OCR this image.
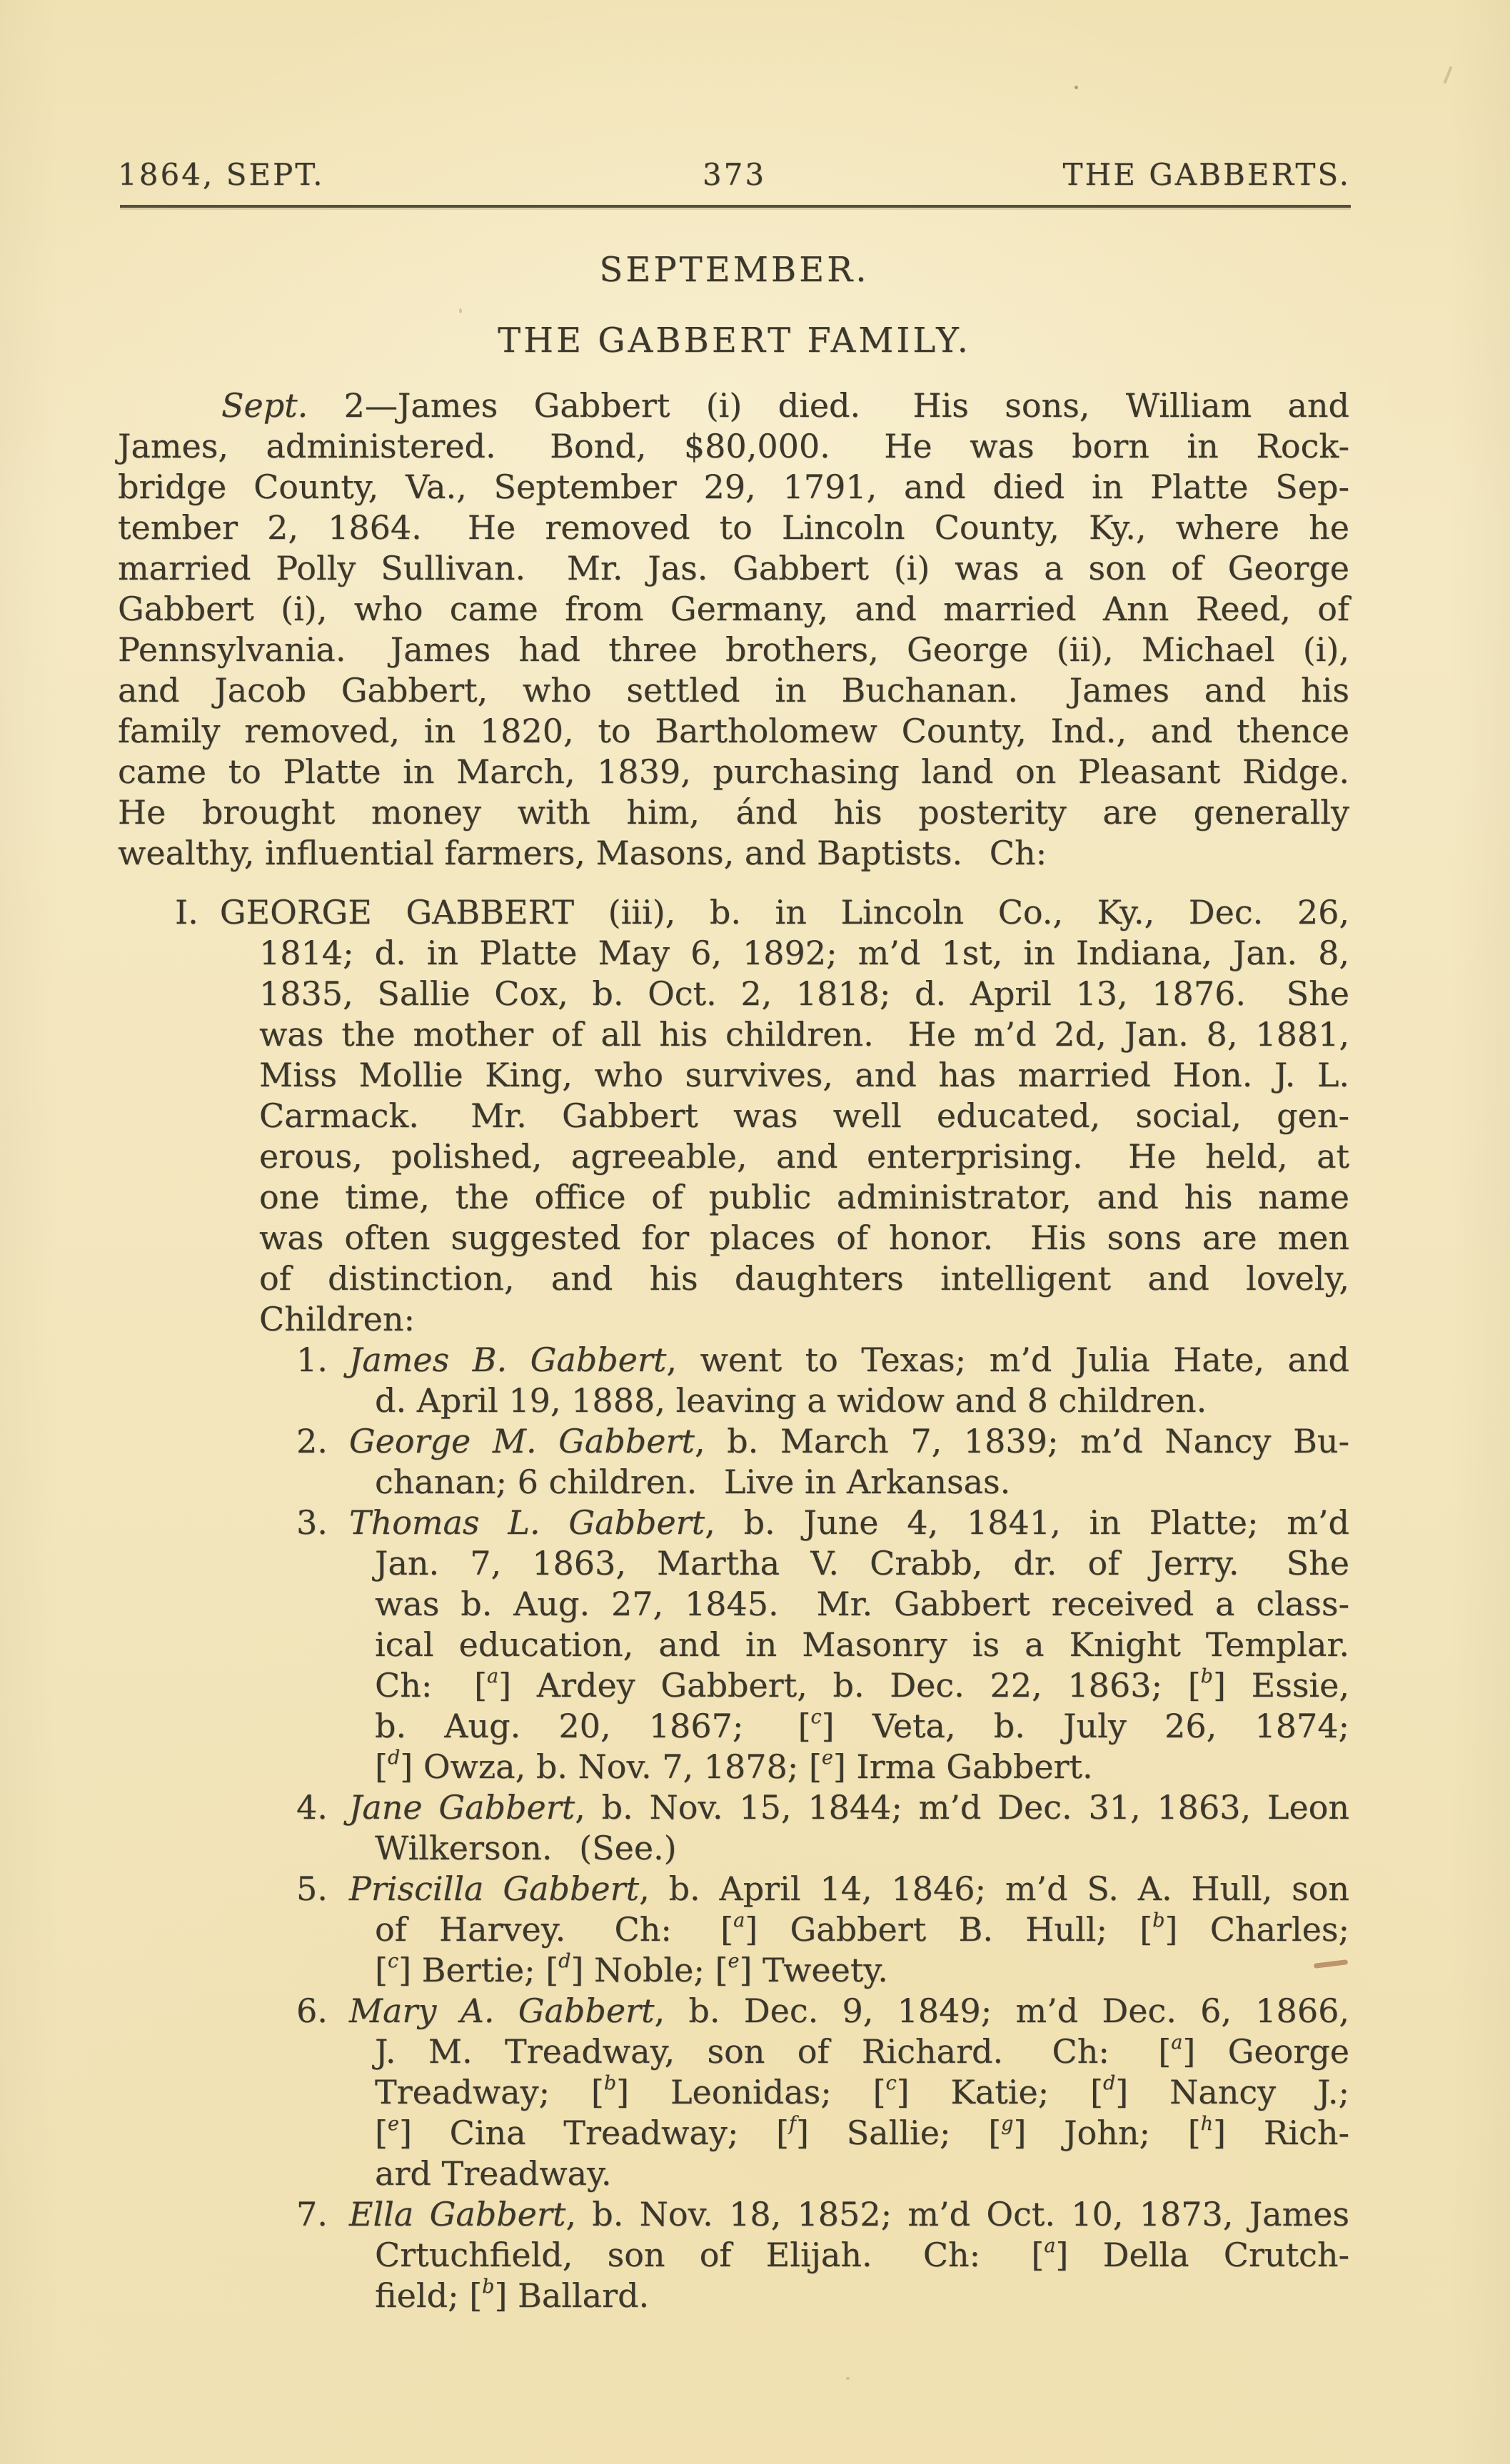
1864, SEPT.	373	THE GABBERTS.
SEPTEMBER.
THE GABBERT FAMILY.
Sept. 2—James Gabbert (i) died.  His sons, William and
James, administered.  Bond, $80,000.  He was born in Rock-
bridge County, Va., September 29, 1791, and died in Platte Sep-
tember 2, 1864.  He removed to Lincoln County, Ky., where he
married Polly Sullivan.  Mr. Jas. Gabbert (i) was a son of George
Gabbert (i), who came from Germany, and married Ann Reed, of
Pennsylvania.  James had three brothers, George (ii), Michael (i),
and Jacob Gabbert, who settled in Buchanan.  James and his
family removed, in 1820, to Bartholomew County, Ind., and thence
came to Platte in March, 1839, purchasing land on Pleasant Ridge.
He brought money with him, ánd his posterity are generally
wealthy, influential farmers, Masons, and Baptists.  Ch:
I. GEORGE GABBERT (iii), b. in Lincoln Co., Ky., Dec. 26,
1814; d. in Platte May 6, 1892; m’d 1st, in Indiana, Jan. 8,
1835, Sallie Cox, b. Oct. 2, 1818; d. April 13, 1876.  She
was the mother of all his children.  He m’d 2d, Jan. 8, 1881,
Miss Mollie King, who survives, and has married Hon. J. L.
Carmack.  Mr. Gabbert was well educated, social, gen-
erous, polished, agreeable, and enterprising.  He held, at
one time, the office of public administrator, and his name
was often suggested for places of honor.  His sons are men
of distinction, and his daughters intelligent and lovely,
Children:
1. James B. Gabbert, went to Texas; m’d Julia Hate, and
d. April 19, 1888, leaving a widow and 8 children.
2. George M. Gabbert, b. March 7, 1839; m’d Nancy Bu-
chanan; 6 children.  Live in Arkansas.
3. Thomas L. Gabbert, b. June 4, 1841, in Platte; m’d
Jan. 7, 1863, Martha V. Crabb, dr. of Jerry.  She
was b. Aug. 27, 1845.  Mr. Gabbert received a class-
ical education, and in Masonry is a Knight Templar.
Ch:  [$^a$] Ardey Gabbert, b. Dec. 22, 1863; [$^b$] Essie,
b. Aug. 20, 1867;  [$^c$] Veta, b. July 26, 1874;
[$^d$] Owza, b. Nov. 7, 1878; [$^e$] Irma Gabbert.
4. Jane Gabbert, b. Nov. 15, 1844; m’d Dec. 31, 1863, Leon
Wilkerson.  (See.)
5. Priscilla Gabbert, b. April 14, 1846; m’d S. A. Hull, son
of Harvey.  Ch:  [$^a$] Gabbert B. Hull; [$^b$] Charles;
[$^c$] Bertie; [$^d$] Noble; [$^e$] Tweety.
6. Mary A. Gabbert, b. Dec. 9, 1849; m’d Dec. 6, 1866,
J. M. Treadway, son of Richard.  Ch:  [$^a$] George
Treadway; [$^b$] Leonidas; [$^c$] Katie; [$^d$] Nancy J.;
[$^e$] Cina Treadway; [$^f$] Sallie; [$^g$] John; [$^h$] Rich-
ard Treadway.
7. Ella Gabbert, b. Nov. 18, 1852; m’d Oct. 10, 1873, James
Crtuchfield, son of Elijah.  Ch:  [$^a$] Della Crutch-
field; [$^b$] Ballard.
